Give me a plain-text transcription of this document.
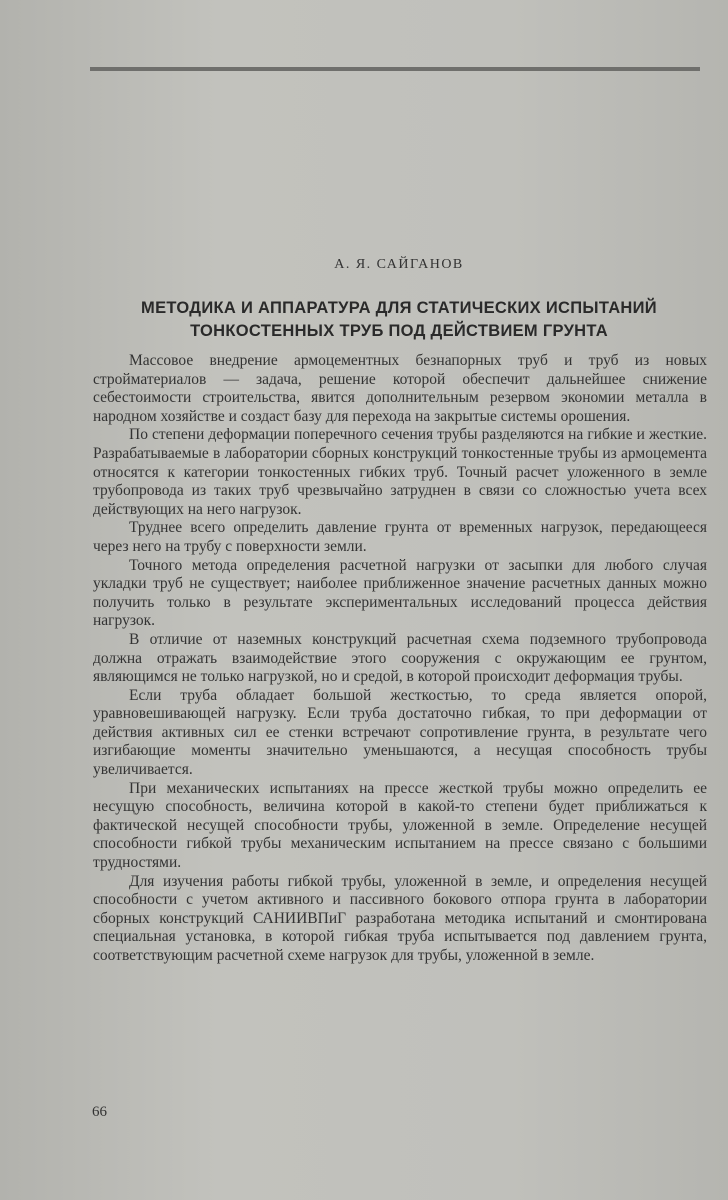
А. Я. САЙГАНОВ
МЕТОДИКА И АППАРАТУРА ДЛЯ СТАТИЧЕСКИХ ИСПЫТАНИЙ
ТОНКОСТЕННЫХ ТРУБ ПОД ДЕЙСТВИЕМ ГРУНТА

Массовое внедрение армоцементных безнапорных труб и труб из новых стройматериалов — задача, решение которой обеспечит дальнейшее снижение себестоимости строительства, явится дополнительным резервом экономии металла в народном хозяйстве и создаст базу для перехода на закрытые системы орошения.

По степени деформации поперечного сечения трубы разделяются на гибкие и жесткие. Разрабатываемые в лаборатории сборных конструкций тонкостенные трубы из армоцемента относятся к категории тонкостенных гибких труб. Точный расчет уложенного в земле трубопровода из таких труб чрезвычайно затруднен в связи со сложностью учета всех действующих на него нагрузок.

Труднее всего определить давление грунта от временных нагрузок, передающееся через него на трубу с поверхности земли.

Точного метода определения расчетной нагрузки от засыпки для любого случая укладки труб не существует; наиболее приближенное значение расчетных данных можно получить только в результате экспериментальных исследований процесса действия нагрузок.

В отличие от наземных конструкций расчетная схема подземного трубопровода должна отражать взаимодействие этого сооружения с окружающим ее грунтом, являющимся не только нагрузкой, но и средой, в которой происходит деформация трубы.

Если труба обладает большой жесткостью, то среда является опорой, уравновешивающей нагрузку. Если труба достаточно гибкая, то при деформации от действия активных сил ее стенки встречают сопротивление грунта, в результате чего изгибающие моменты значительно уменьшаются, а несущая способность трубы увеличивается.

При механических испытаниях на прессе жесткой трубы можно определить ее несущую способность, величина которой в какой-то степени будет приближаться к фактической несущей способности трубы, уложенной в земле. Определение несущей способности гибкой трубы механическим испытанием на прессе связано с большими трудностями.

Для изучения работы гибкой трубы, уложенной в земле, и определения несущей способности с учетом активного и пассивного бокового отпора грунта в лаборатории сборных конструкций САНИИВПиГ разработана методика испытаний и смонтирована специальная установка, в которой гибкая труба испытывается под давлением грунта, соответствующим расчетной схеме нагрузок для трубы, уложенной в земле.

66
